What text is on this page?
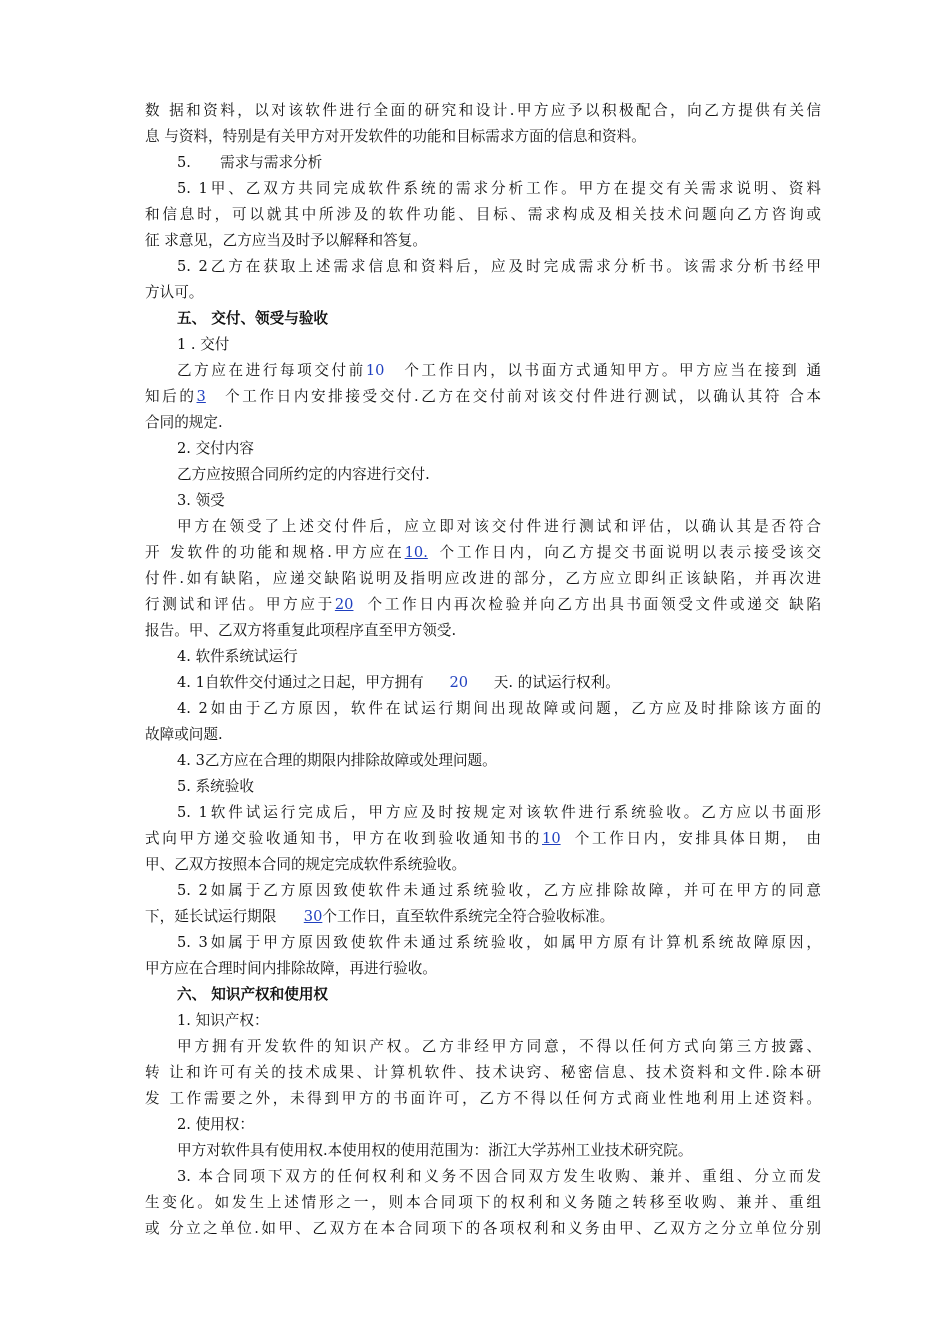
数 据和资料，以对该软件进行全面的研究和设计.甲方应予以积极配合，向乙方提供有关信
息 与资料，特别是有关甲方对开发软件的功能和目标需求方面的信息和资料。
5.　　需求与需求分析
5. 1甲、乙双方共同完成软件系统的需求分析工作。甲方在提交有关需求说明、资料
和信息时，可以就其中所涉及的软件功能、目标、需求构成及相关技术问题向乙方咨询或
征 求意见，乙方应当及时予以解释和答复。
5. 2乙方在获取上述需求信息和资料后，应及时完成需求分析书。该需求分析书经甲
方认可。
五、 交付、领受与验收
1 . 交付
乙方应在进行每项交付前10 个工作日内，以书面方式通知甲方。甲方应当在接到 通
知后的3 个工作日内安排接受交付.乙方在交付前对该交付件进行测试，以确认其符 合本
合同的规定.
2. 交付内容
乙方应按照合同所约定的内容进行交付.
3. 领受
甲方在领受了上述交付件后，应立即对该交付件进行测试和评估，以确认其是否符合
开 发软件的功能和规格.甲方应在10. 个工作日内，向乙方提交书面说明以表示接受该交
付件.如有缺陷，应递交缺陷说明及指明应改进的部分，乙方应立即纠正该缺陷，并再次进
行测试和评估。甲方应于20 个工作日内再次检验并向乙方出具书面领受文件或递交 缺陷
报告。甲、乙双方将重复此项程序直至甲方领受.
4. 软件系统试运行
4. 1自软件交付通过之日起，甲方拥有 20 天. 的试运行权利。
4. 2如由于乙方原因，软件在试运行期间出现故障或问题，乙方应及时排除该方面的
故障或问题.
4. 3乙方应在合理的期限内排除故障或处理问题。
5. 系统验收
5. 1软件试运行完成后，甲方应及时按规定对该软件进行系统验收。乙方应以书面形
式向甲方递交验收通知书，甲方在收到验收通知书的10 个工作日内，安排具体日期， 由
甲、乙双方按照本合同的规定完成软件系统验收。
5. 2如属于乙方原因致使软件未通过系统验收，乙方应排除故障，并可在甲方的同意
下，延长试运行期限 30个工作日，直至软件系统完全符合验收标准。
5. 3如属于甲方原因致使软件未通过系统验收，如属甲方原有计算机系统故障原因，
甲方应在合理时间内排除故障，再进行验收。
六、 知识产权和使用权
1. 知识产权：
甲方拥有开发软件的知识产权。乙方非经甲方同意，不得以任何方式向第三方披露、
转 让和许可有关的技术成果、计算机软件、技术诀窍、秘密信息、技术资料和文件.除本研
发 工作需要之外，未得到甲方的书面许可，乙方不得以任何方式商业性地利用上述资料。
2. 使用权：
甲方对软件具有使用权.本使用权的使用范围为：浙江大学苏州工业技术研究院。
3. 本合同项下双方的任何权利和义务不因合同双方发生收购、兼并、重组、分立而发
生变化。如发生上述情形之一，则本合同项下的权利和义务随之转移至收购、兼并、重组
或 分立之单位.如甲、乙双方在本合同项下的各项权利和义务由甲、乙双方之分立单位分别
